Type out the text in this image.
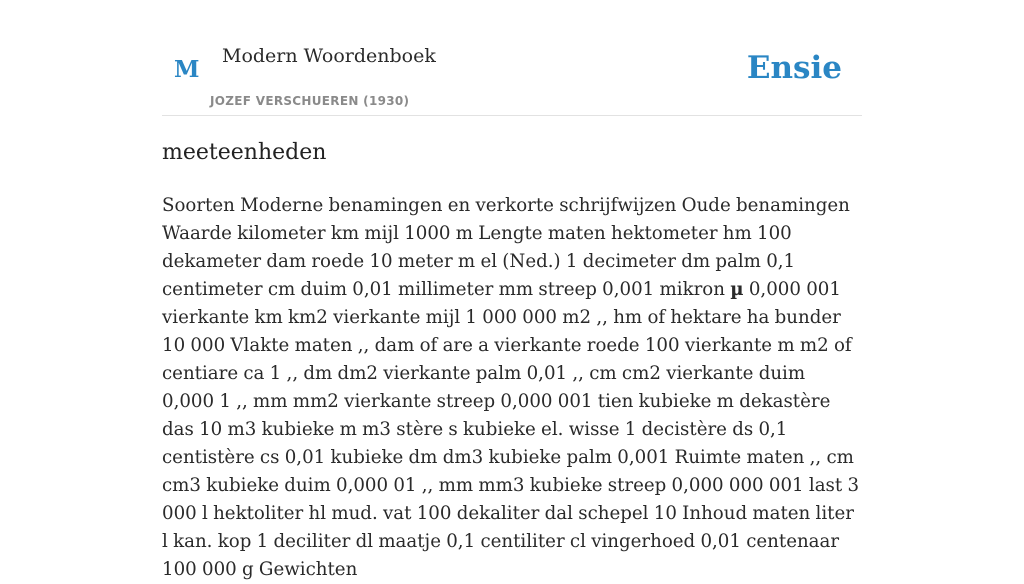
M Modern Woordenboek
JOZEF VERSCHUEREN (1930)
Ensie
meeteenheden

Soorten Moderne benamingen en verkorte schrijfwijzen Oude benamingen Waarde kilometer km mijl 1000 m Lengte maten hektometer hm 100 dekameter dam roede 10 meter m el (Ned.) 1 decimeter dm palm 0,1 centimeter cm duim 0,01 millimeter mm streep 0,001 mikron µ 0,000 001 vierkante km km2 vierkante mijl 1 000 000 m2 ,, hm of hektare ha bunder 10 000 Vlakte maten ,, dam of are a vierkante roede 100 vierkante m m2 of centiare ca 1 ,, dm dm2 vierkante palm 0,01 ,, cm cm2 vierkante duim 0,000 1 ,, mm mm2 vierkante streep 0,000 001 tien kubieke m dekastère das 10 m3 kubieke m m3 stère s kubieke el. wisse 1 decistère ds 0,1 centistère cs 0,01 kubieke dm dm3 kubieke palm 0,001 Ruimte maten ,, cm cm3 kubieke duim 0,000 01 ,, mm mm3 kubieke streep 0,000 000 001 last 3 000 l hektoliter hl mud. vat 100 dekaliter dal schepel 10 Inhoud maten liter l kan. kop 1 deciliter dl maatje 0,1 centiliter cl vingerhoed 0,01 centenaar 100 000 g Gewichten
